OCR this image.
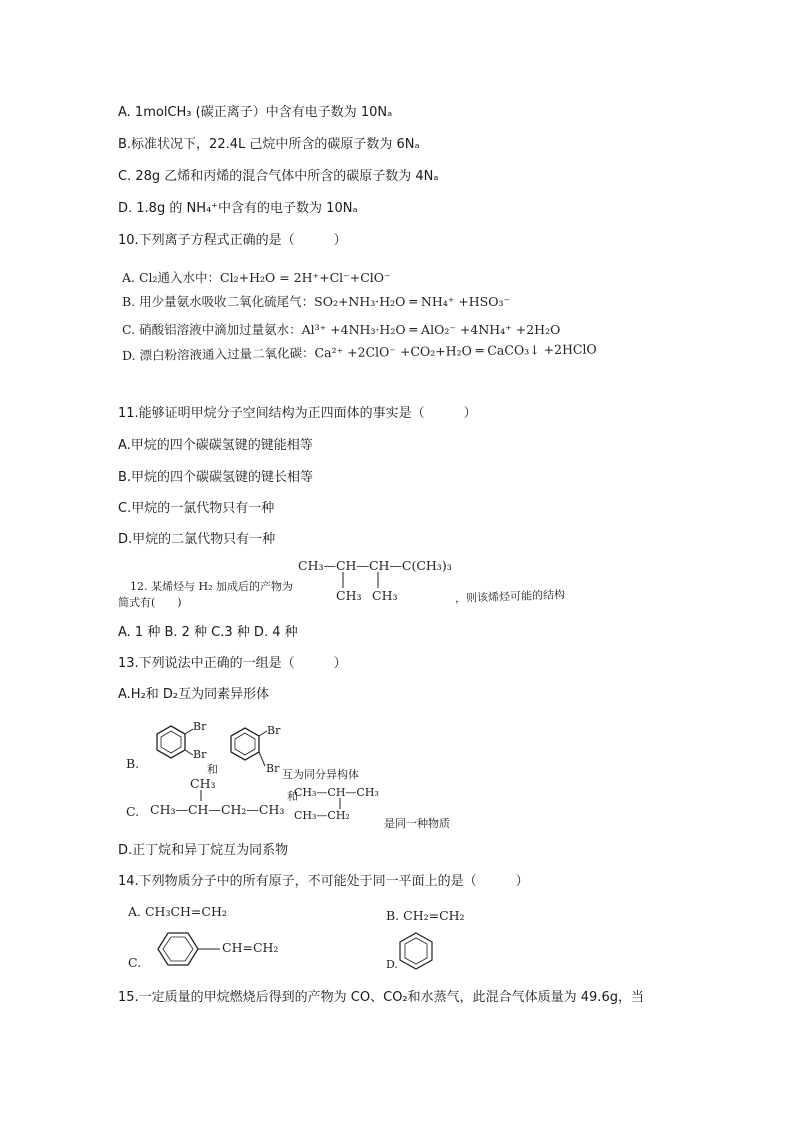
A. 1molCH₃ (碳正离子）中含有电子数为 10Nₐ
B.标准状况下，22.4L 己烷中所含的碳原子数为 6Nₐ
C. 28g 乙烯和丙烯的混合气体中所含的碳原子数为 4Nₐ
D. 1.8g 的 NH₄⁺中含有的电子数为 10Nₐ
10.下列离子方程式正确的是（　　　）
A. Cl₂通入水中：Cl₂+H₂O = 2H⁺+Cl⁻+ClO⁻
B. 用少量氨水吸收二氧化硫尾气：SO₂+NH₃·H₂O ═ NH₄⁺ +HSO₃⁻
C. 硝酸铝溶液中滴加过量氨水：Al³⁺ +4NH₃·H₂O ═ AlO₂⁻ +4NH₄⁺ +2H₂O
D. 漂白粉溶液通入过量二氧化碳：Ca²⁺ +2ClO⁻ +CO₂+H₂O ═ CaCO₃↓ +2HClO
11.能够证明甲烷分子空间结构为正四面体的事实是（　　　）
A.甲烷的四个碳碳氢键的键能相等
B.甲烷的四个碳碳氢键的键长相等
C.甲烷的一氯代物只有一种
D.甲烷的二氯代物只有一种
12. 某烯烃与 H₂ 加成后的产物为
简式有(　　)
CH₃—CH—CH—C(CH₃)₃
CH₃ CH₃	，则该烯烃可能的结构
A. 1 种 B. 2 种 C.3 种 D. 4 种
13.下列说法中正确的一组是（　　　）
A.H₂和 D₂互为同素异形体
B.
Br
Br
和
Br
Br 互为同分异构体
C.
CH₃
CH₃—CH—CH₂—CH₃
和
CH₃—CH—CH₃
CH₃—CH₂
是同一种物质
D.正丁烷和异丁烷互为同系物
14.下列物质分子中的所有原子，不可能处于同一平面上的是（　　　）
A. CH₃CH=CH₂	B. CH₂=CH₂
C.
CH=CH₂
D.
15.一定质量的甲烷燃烧后得到的产物为 CO、CO₂和水蒸气，此混合气体质量为 49.6g，当
